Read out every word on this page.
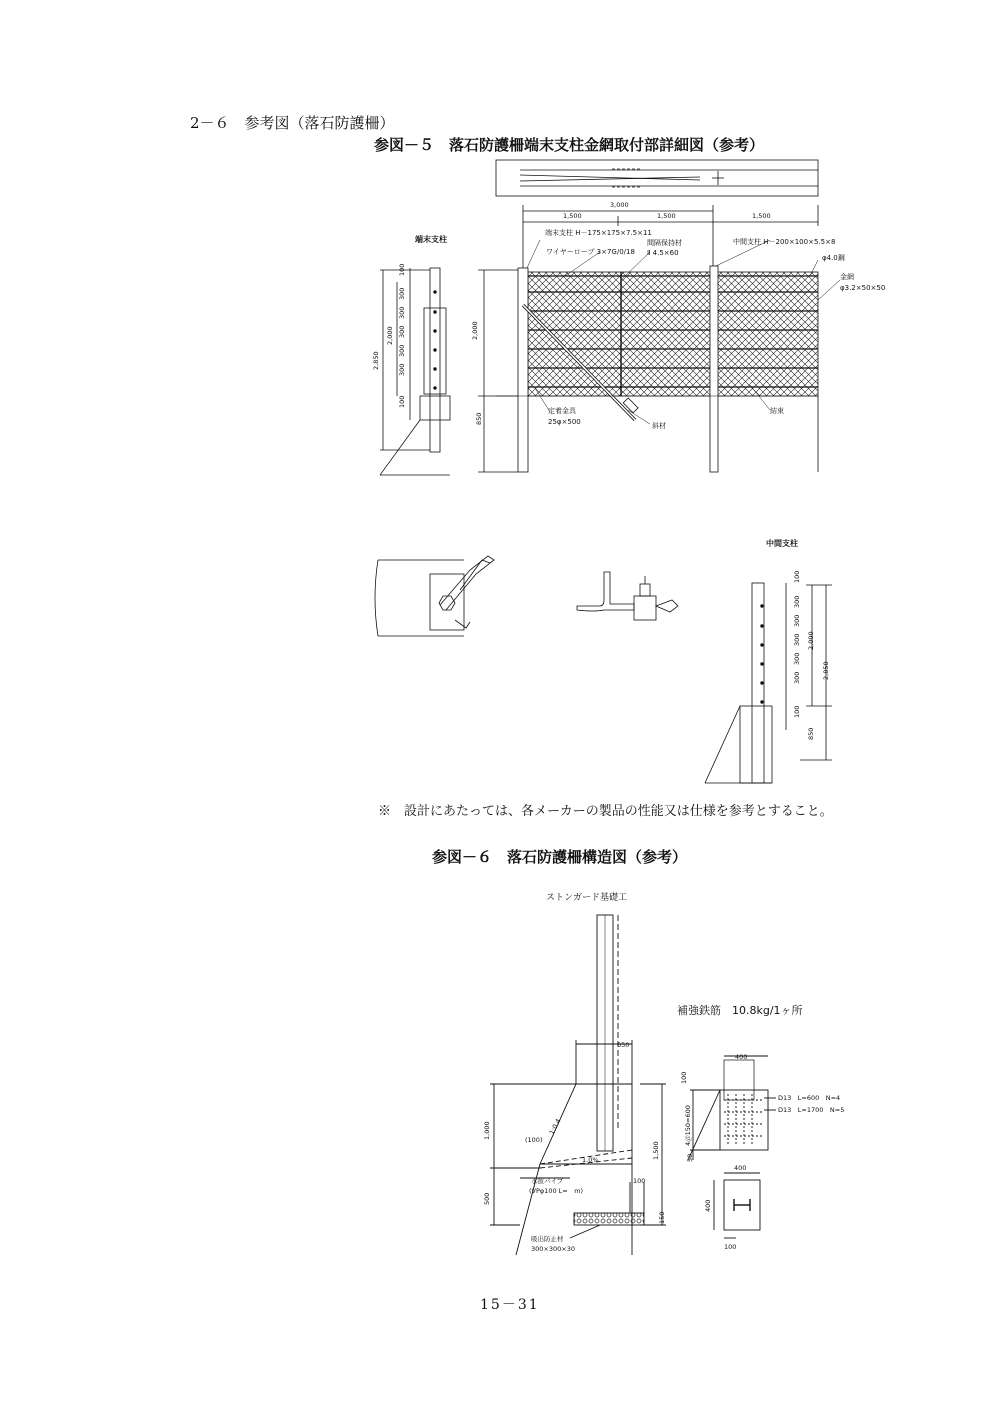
2－６　参考図（落石防護柵）
参図－５　落石防護柵端末支柱金網取付部詳細図（参考）
※　設計にあたっては、各メーカーの製品の性能又は仕様を参考とすること。
参図－６　落石防護柵構造図（参考）
15－31
3,000
1,500	1,500	1,500
2,000
850
端末支柱
100
300
300
300
300
300
100
2,000
2,850
端末支柱 H－175×175×7.5×11
ワイヤーロープ 3×7G/0/18
間隔保持材
Ⅱ 4.5×60
中間支柱 H－200×100×5.5×8
φ4.0鋼
金網
φ3.2×50×50
定着金具
25φ×500	斜材
結束
中間支柱
100
300
300
300
300
300
100
2,000
2,850
850
ストンガード基礎工
補強鉄筋　10.8kg/1ヶ所
650
1,000
1,500
500
(100)
1:0.4
1.0%
水抜パイプ
(VPφ100 L=　m)
100
150
吸出防止材
300×300×30
400
100
4＠150=600
50
D13　L=600　N=4
D13　L=1700　N=5
400
400
100
